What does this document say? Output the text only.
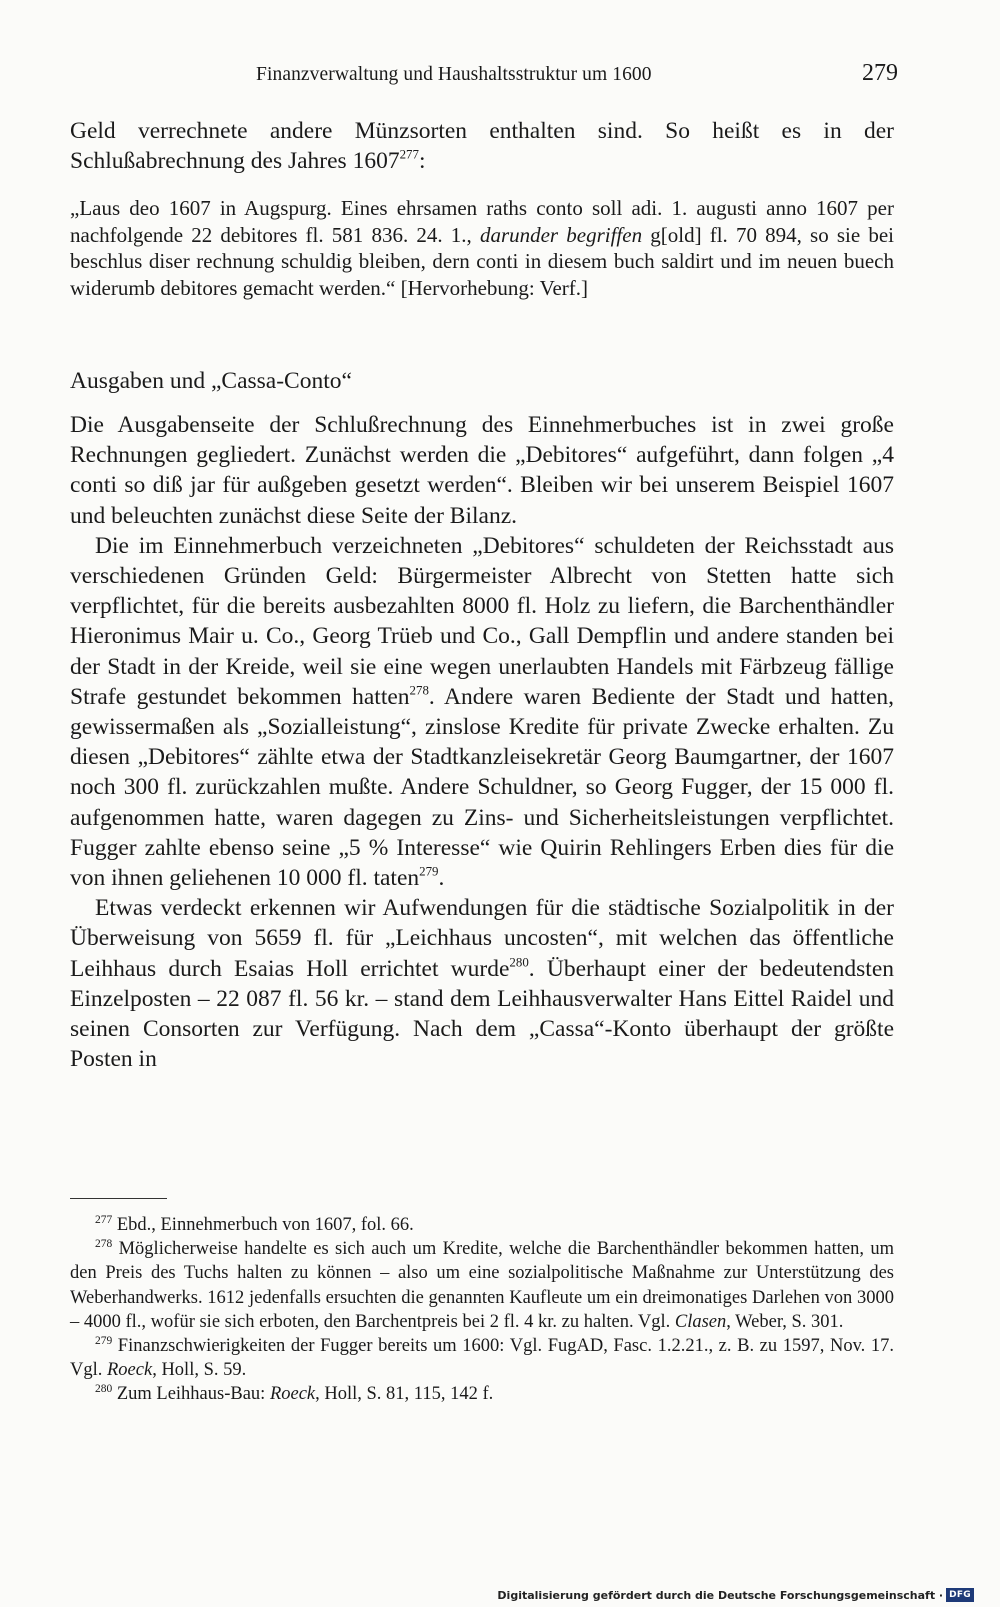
Finanzverwaltung und Haushaltsstruktur um 1600	279

Geld verrechnete andere Münzsorten enthalten sind. So heißt es in der Schlußabrechnung des Jahres 1607$^{277}$:

„Laus deo 1607 in Augspurg. Eines ehrsamen raths conto soll adi. 1. augusti anno 1607 per nachfolgende 22 debitores fl. 581 836. 24. 1., darunder begriffen g[old] fl. 70 894, so sie bei beschlus diser rechnung schuldig bleiben, dern conti in diesem buch saldirt und im neuen buech widerumb debitores gemacht werden.“ [Hervorhebung: Verf.]

Ausgaben und „Cassa-Conto“

Die Ausgabenseite der Schlußrechnung des Einnehmerbuches ist in zwei große Rechnungen gegliedert. Zunächst werden die „Debitores“ aufgeführt, dann folgen „4 conti so diß jar für außgeben gesetzt werden“. Bleiben wir bei unserem Beispiel 1607 und beleuchten zunächst diese Seite der Bilanz.

Die im Einnehmerbuch verzeichneten „Debitores“ schuldeten der Reichsstadt aus verschiedenen Gründen Geld: Bürgermeister Albrecht von Stetten hatte sich verpflichtet, für die bereits ausbezahlten 8000 fl. Holz zu liefern, die Barchenthändler Hieronimus Mair u. Co., Georg Trüeb und Co., Gall Dempflin und andere standen bei der Stadt in der Kreide, weil sie eine wegen unerlaubten Handels mit Färbzeug fällige Strafe gestundet bekommen hatten$^{278}$. Andere waren Bediente der Stadt und hatten, gewissermaßen als „Sozialleistung“, zinslose Kredite für private Zwecke erhalten. Zu diesen „Debitores“ zählte etwa der Stadtkanzleisekretär Georg Baumgartner, der 1607 noch 300 fl. zurückzahlen mußte. Andere Schuldner, so Georg Fugger, der 15 000 fl. aufgenommen hatte, waren dagegen zu Zins- und Sicherheitsleistungen verpflichtet. Fugger zahlte ebenso seine „5 % Interesse“ wie Quirin Rehlingers Erben dies für die von ihnen geliehenen 10 000 fl. taten$^{279}$.

Etwas verdeckt erkennen wir Aufwendungen für die städtische Sozialpolitik in der Überweisung von 5659 fl. für „Leichhaus uncosten“, mit welchen das öffentliche Leihhaus durch Esaias Holl errichtet wurde$^{280}$. Überhaupt einer der bedeutendsten Einzelposten – 22 087 fl. 56 kr. – stand dem Leihhausverwalter Hans Eittel Raidel und seinen Consorten zur Verfügung. Nach dem „Cassa“-Konto überhaupt der größte Posten in

$^{277}$ Ebd., Einnehmerbuch von 1607, fol. 66.

$^{278}$ Möglicherweise handelte es sich auch um Kredite, welche die Barchenthändler bekommen hatten, um den Preis des Tuchs halten zu können – also um eine sozialpolitische Maßnahme zur Unterstützung des Weberhandwerks. 1612 jedenfalls ersuchten die genannten Kaufleute um ein dreimonatiges Darlehen von 3000 – 4000 fl., wofür sie sich erboten, den Barchentpreis bei 2 fl. 4 kr. zu halten. Vgl. Clasen, Weber, S. 301.

$^{279}$ Finanzschwierigkeiten der Fugger bereits um 1600: Vgl. FugAD, Fasc. 1.2.21., z. B. zu 1597, Nov. 17. Vgl. Roeck, Holl, S. 59.

$^{280}$ Zum Leihhaus-Bau: Roeck, Holl, S. 81, 115, 142 f.

Digitalisierung gefördert durch die Deutsche Forschungsgemeinschaft · DFG
